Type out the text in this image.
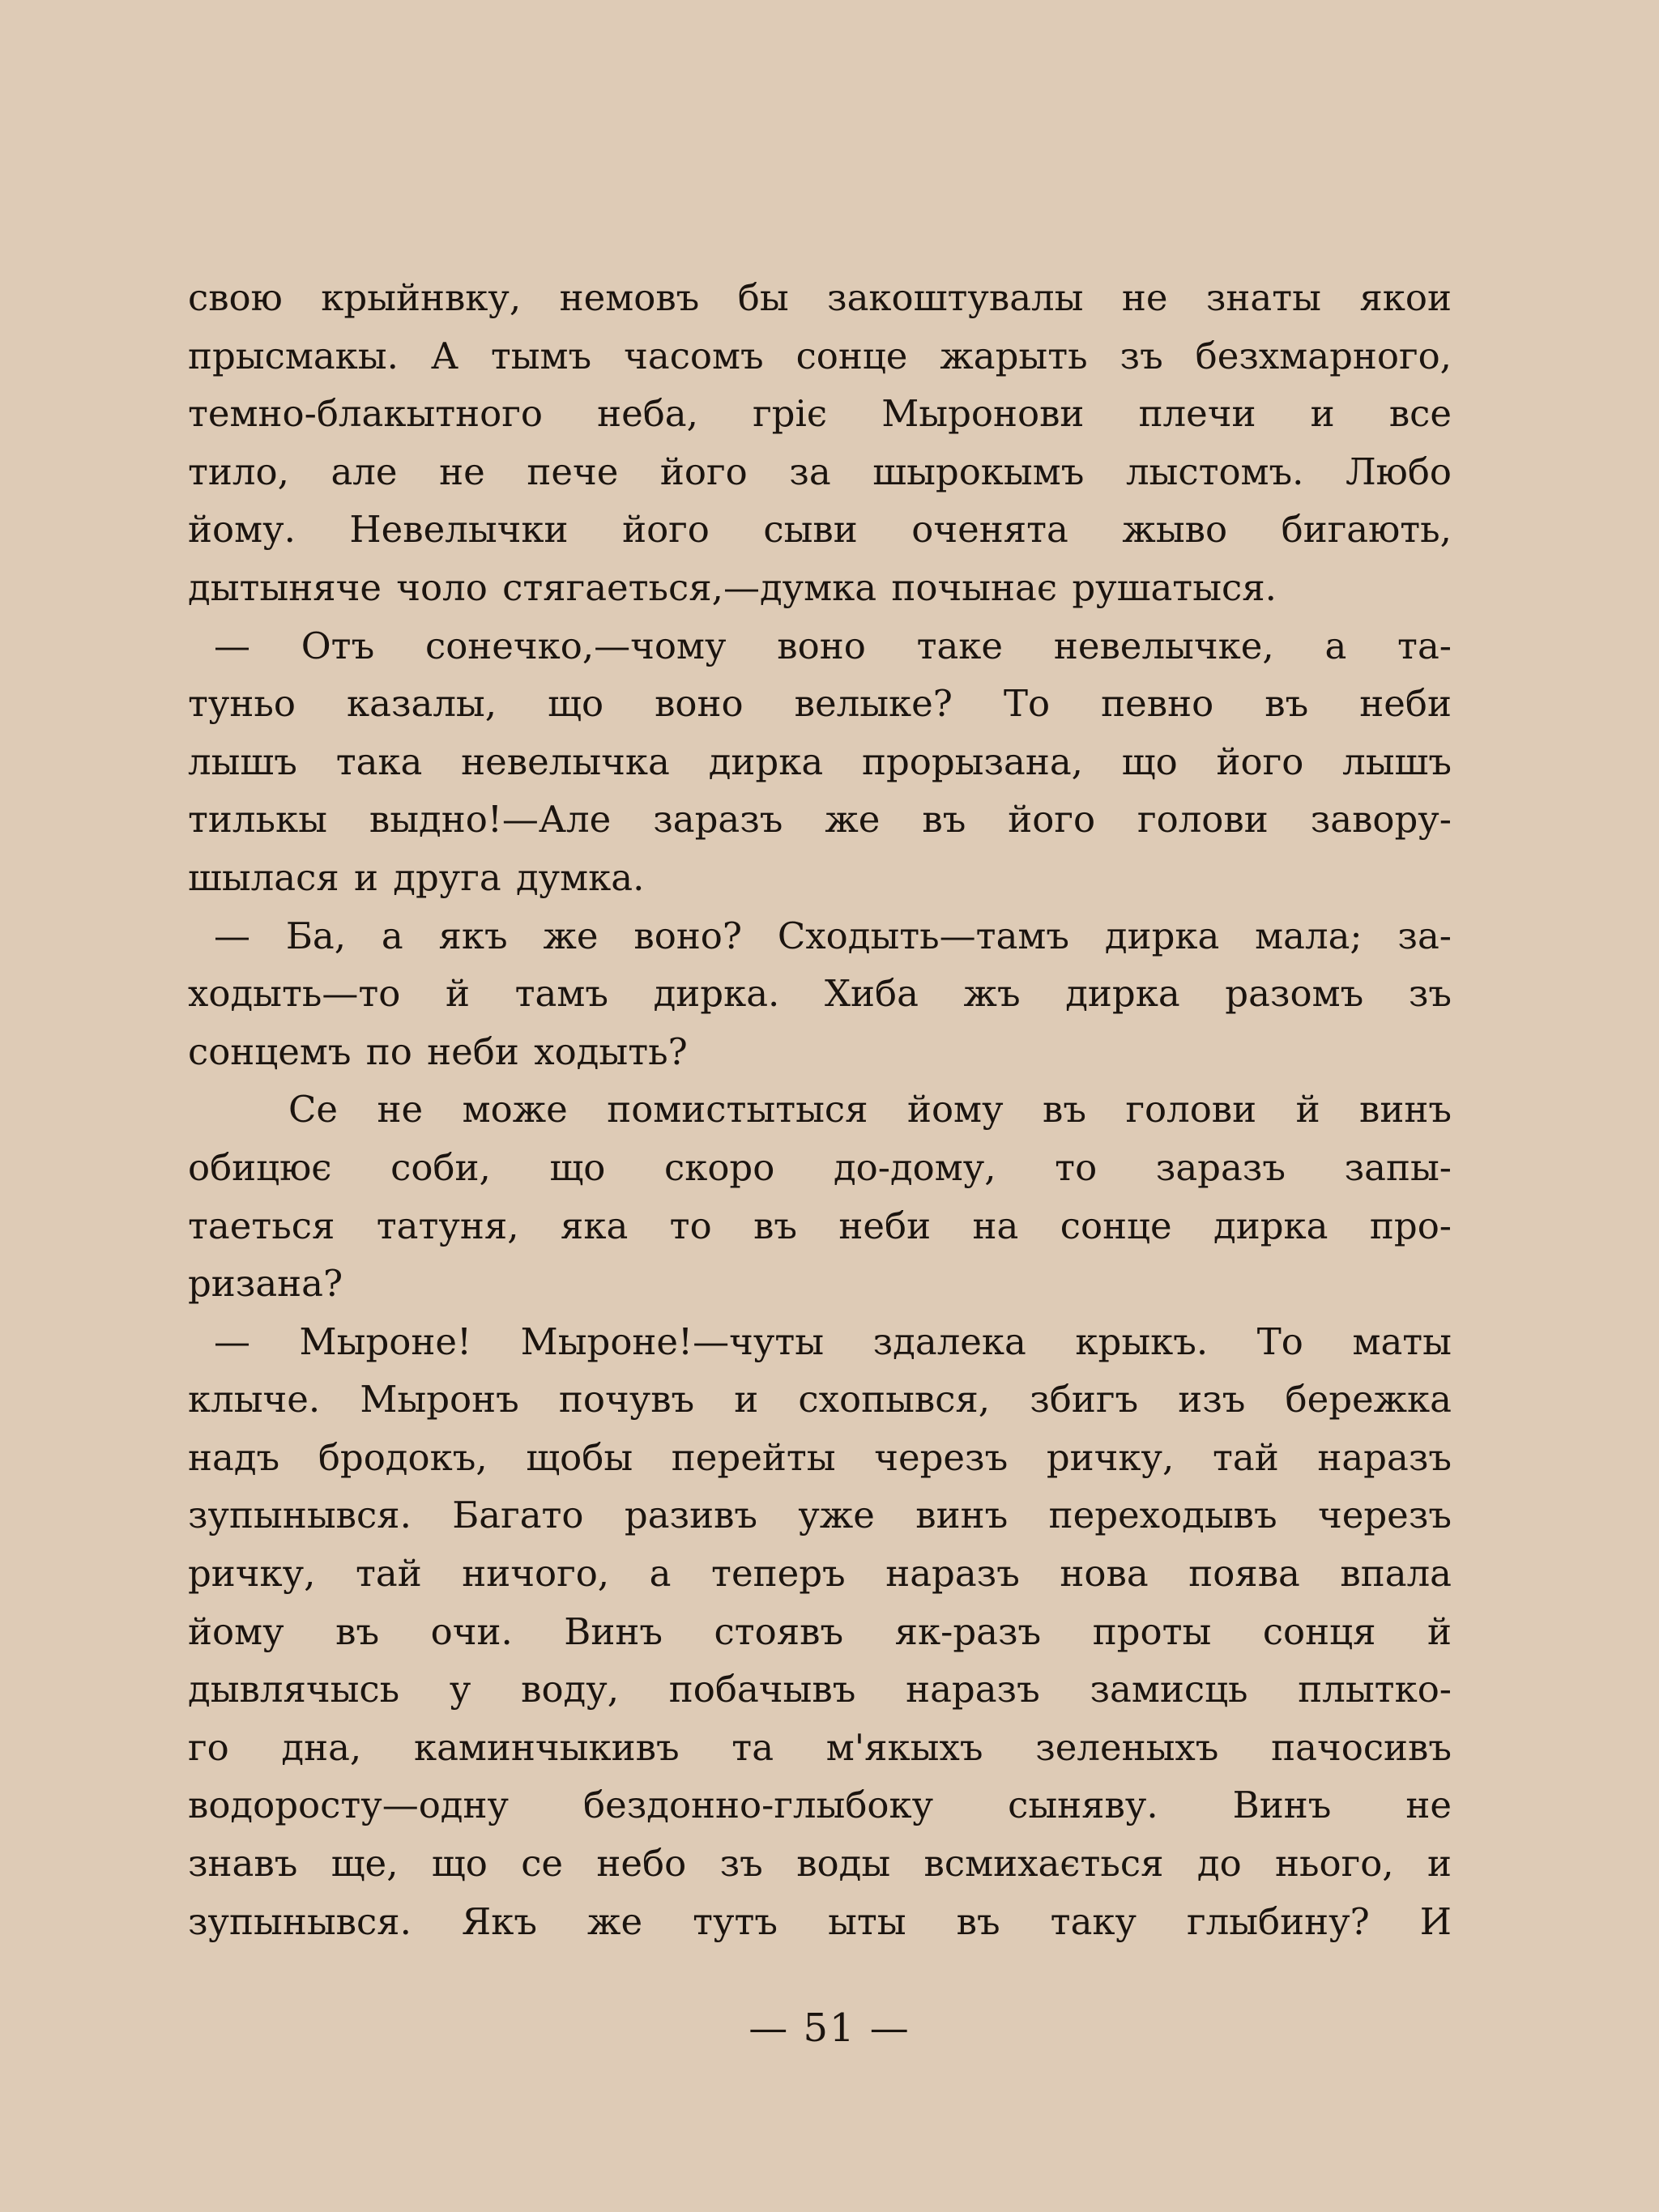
свою крыйнвку, немовъ бы закоштувалы не знаты якои
прысмакы. А тымъ часомъ сонце жарыть зъ безхмарного,
темно-блакытного неба, гріє Мыронови плечи и все
тило, але не пече його за шырокымъ лыстомъ. Любо
йому. Невелычки його сыви оченята жыво бигають,
дытыняче чоло стягаеться,—думка почынає рушатыся.
— Отъ сонечко,—чому воно таке невелычке, а та-
туньо казалы, що воно велыке? То певно въ неби
лышъ така невелычка дирка прорызана, що його лышъ
тилькы выдно!—Але заразъ же въ його голови завору-
шылася и друга думка.
— Ба, а якъ же воно? Сходыть—тамъ дирка мала; за-
ходыть—то й тамъ дирка. Хиба жъ дирка разомъ зъ
сонцемъ по неби ходыть?
Се не може помистытыся йому въ голови й винъ
обицює соби, що скоро до-дому, то заразъ запы-
таеться татуня, яка то въ неби на сонце дирка про-
ризана?
— Мыроне! Мыроне!—чуты здалека крыкъ. То маты
клыче. Мыронъ почувъ и схопывся, збигъ изъ бережка
надъ бродокъ, щобы перейты черезъ ричку, тай наразъ
зупынывся. Багато разивъ уже винъ переходывъ черезъ
ричку, тай ничого, а теперъ наразъ нова поява впала
йому въ очи. Винъ стоявъ як-разъ проты сонця й
дывлячысь у воду, побачывъ наразъ замисць плытко-
го дна, каминчыкивъ та м'якыхъ зеленыхъ пачосивъ
водоросту—одну бездонно-глыбоку сыняву. Винъ не
знавъ ще, що се небо зъ воды всмихається до нього, и
зупынывся. Якъ же тутъ ыты въ таку глыбину? И
— 51 —
